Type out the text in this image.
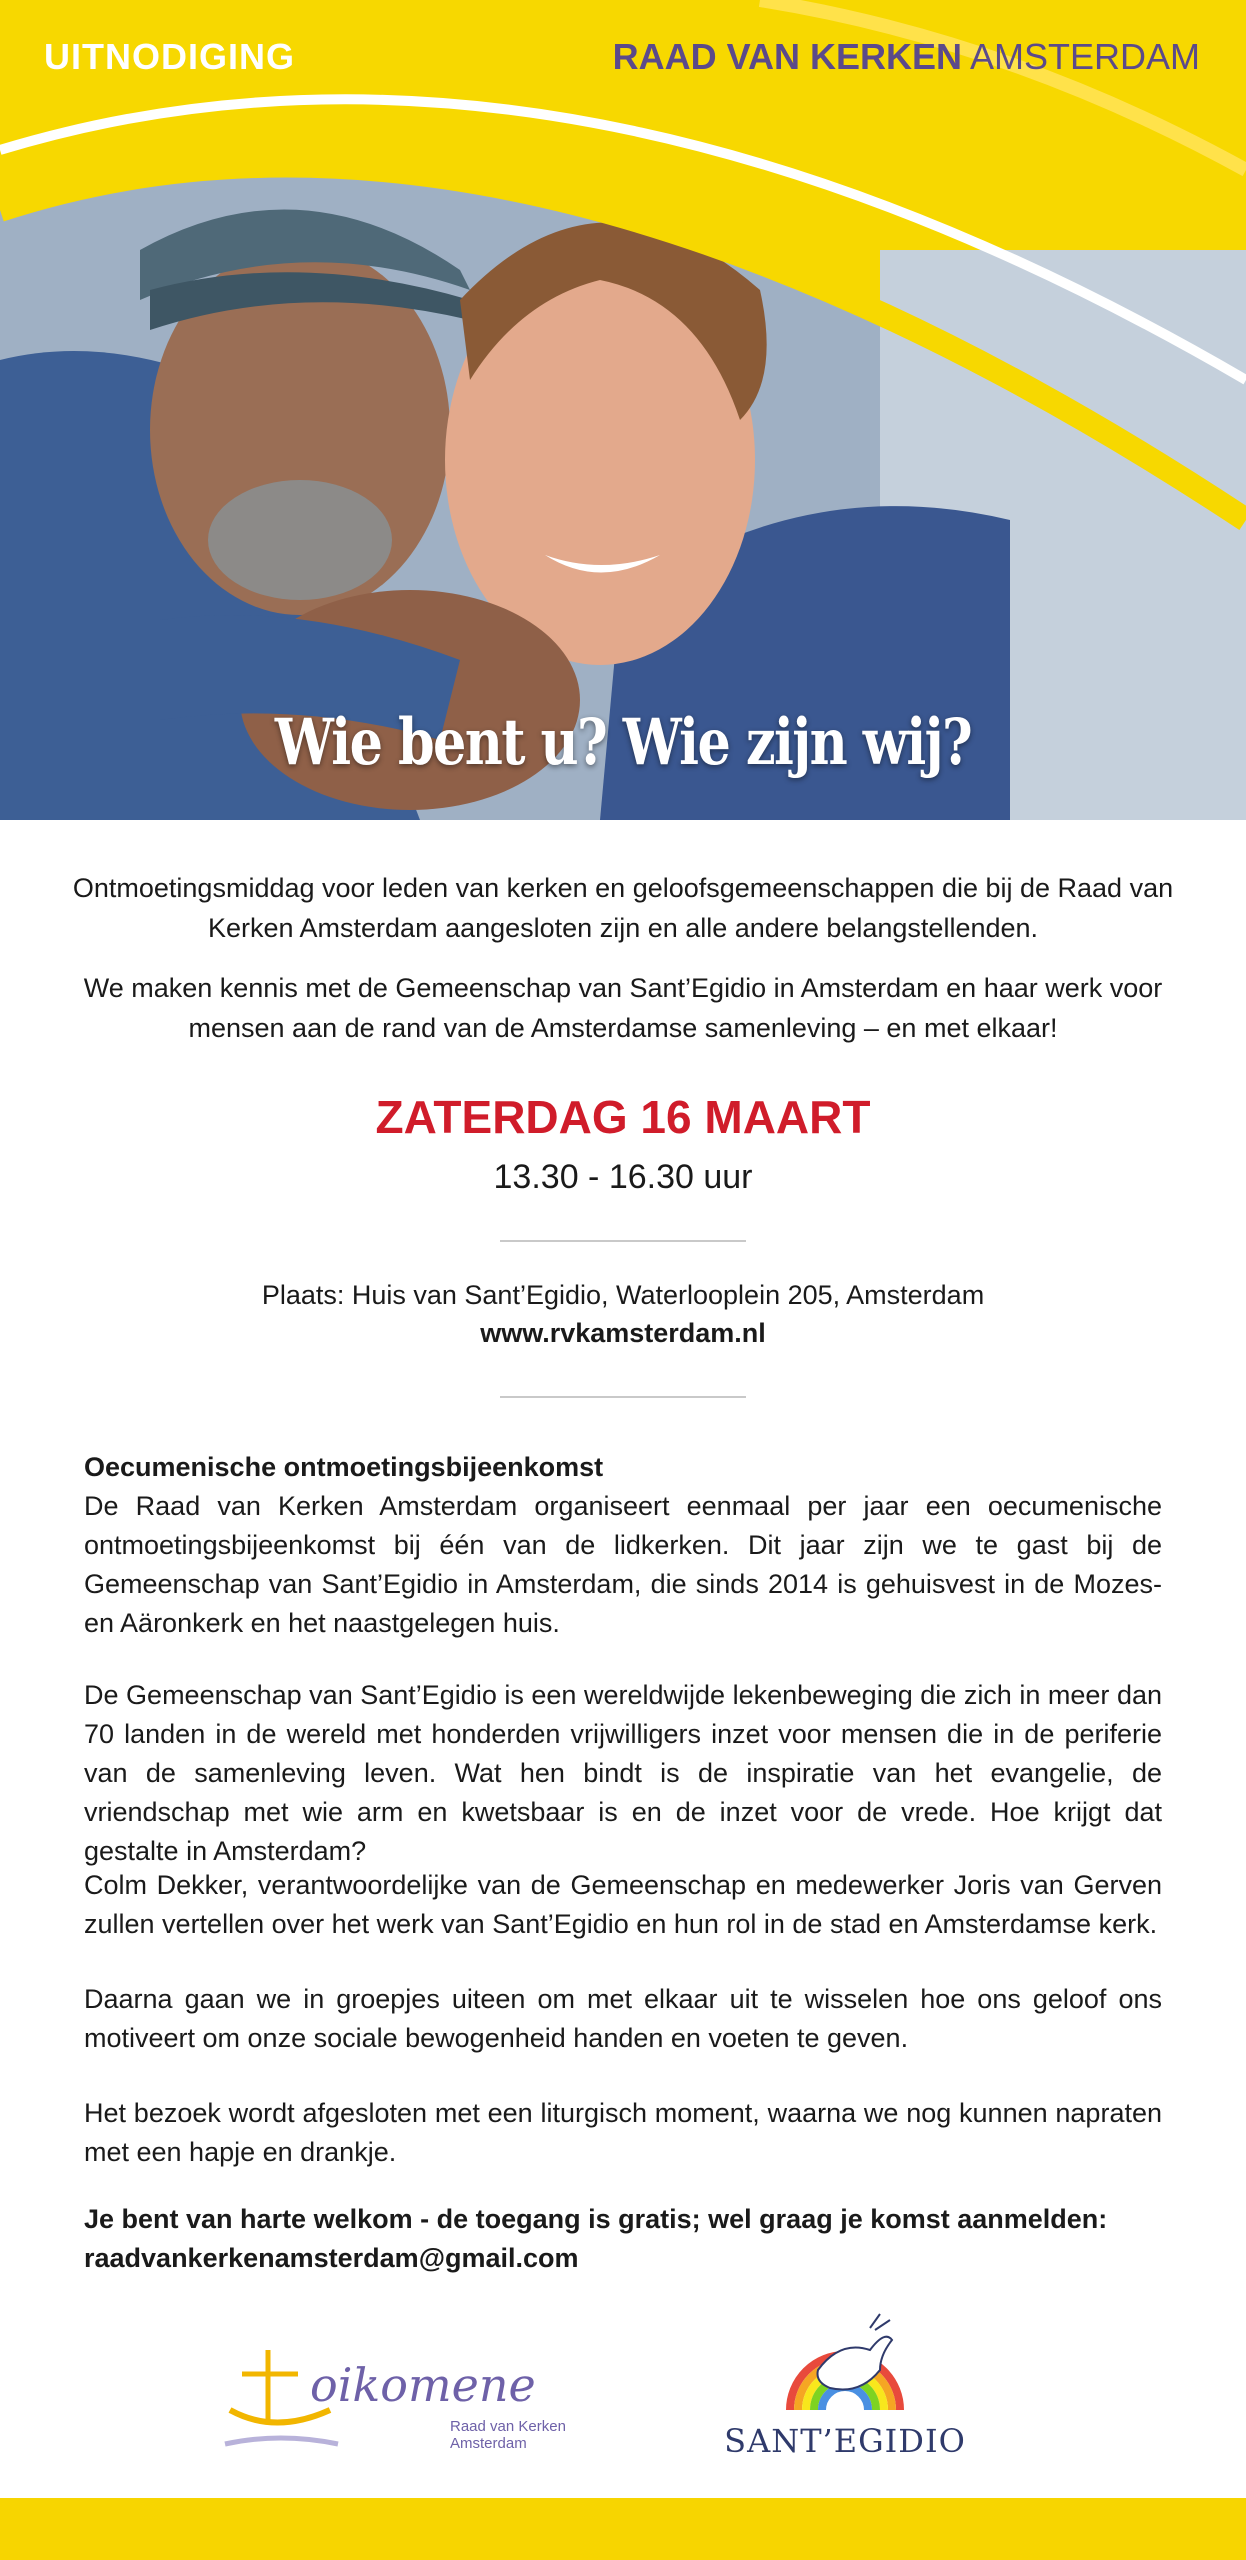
UITNODIGING	RAAD VAN KERKEN AMSTERDAM
Wie bent u? Wie zijn wij?
Ontmoetingsmiddag voor leden van kerken en geloofsgemeenschappen die bij de Raad van Kerken Amsterdam aangesloten zijn en alle andere belangstellenden.
We maken kennis met de Gemeenschap van Sant’Egidio in Amsterdam en haar werk voor mensen aan de rand van de Amsterdamse samenleving – en met elkaar!
ZATERDAG 16 MAART
13.30 - 16.30 uur
Plaats: Huis van Sant’Egidio, Waterlooplein 205, Amsterdam
www.rvkamsterdam.nl
Oecumenische ontmoetingsbijeenkomst
De Raad van Kerken Amsterdam organiseert eenmaal per jaar een oecumenische ontmoetingsbijeenkomst bij één van de lidkerken. Dit jaar zijn we te gast bij de Gemeenschap van Sant’Egidio in Amsterdam, die sinds 2014 is gehuisvest in de Mozes- en Aäronkerk en het naastgelegen huis.
De Gemeenschap van Sant’Egidio is een wereldwijde lekenbeweging die zich in meer dan 70 landen in de wereld met honderden vrijwilligers inzet voor mensen die in de periferie van de samenleving leven. Wat hen bindt is de inspiratie van het evangelie, de vriendschap met wie arm en kwetsbaar is en de inzet voor de vrede. Hoe krijgt dat gestalte in Amsterdam?
Colm Dekker, verantwoordelijke van de Gemeenschap en medewerker Joris van Gerven zullen vertellen over het werk van Sant’Egidio en hun rol in de stad en Amsterdamse kerk.
Daarna gaan we in groepjes uiteen om met elkaar uit te wisselen hoe ons geloof ons motiveert om onze sociale bewogenheid handen en voeten te geven.
Het bezoek wordt afgesloten met een liturgisch moment, waarna we nog kunnen napraten met een hapje en drankje.
Je bent van harte welkom - de toegang is gratis; wel graag je komst aanmelden:
raadvankerkenamsterdam@gmail.com
oikomene
Raad van Kerken Amsterdam	SANT’EGIDIO
